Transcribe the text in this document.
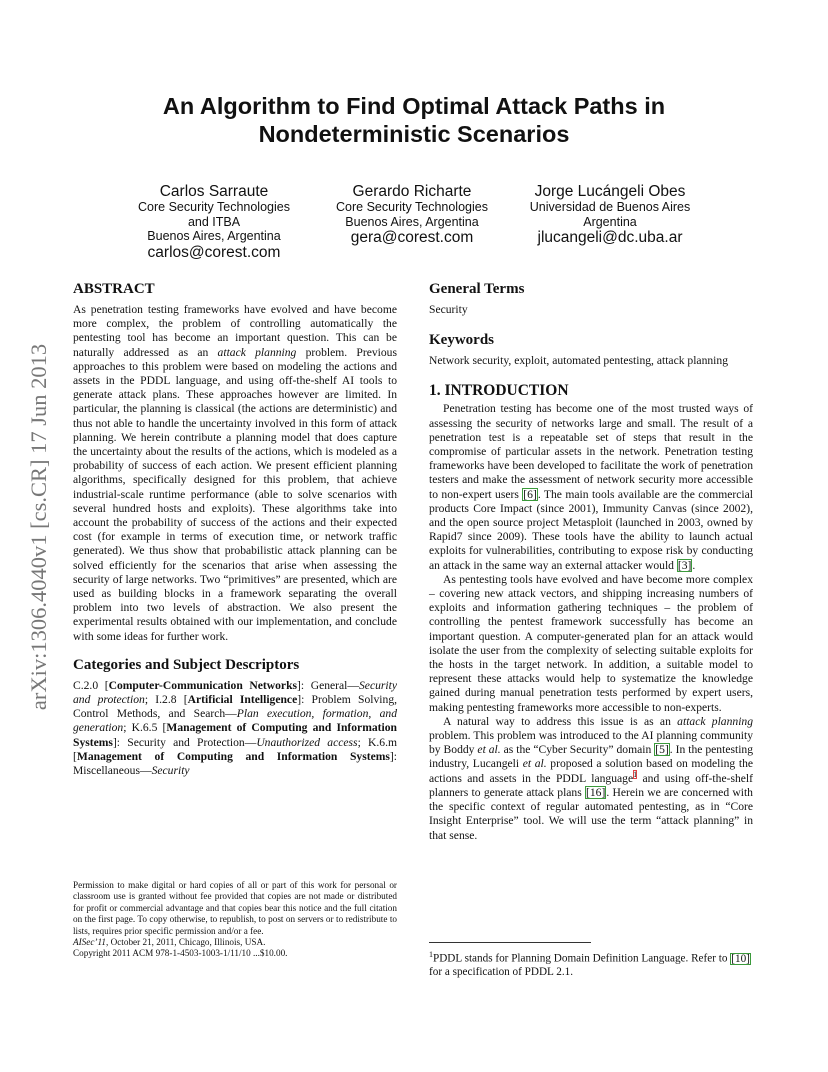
An Algorithm to Find Optimal Attack Paths in
Nondeterministic Scenarios
Carlos Sarraute
Core Security Technologies
and ITBA
Buenos Aires, Argentina
carlos@corest.com
Gerardo Richarte
Core Security Technologies
Buenos Aires, Argentina
gera@corest.com
Jorge Lucángeli Obes
Universidad de Buenos Aires
Argentina
jlucangeli@dc.uba.ar
arXiv:1306.4040v1 [cs.CR] 17 Jun 2013
ABSTRACT

As penetration testing frameworks have evolved and have become more complex, the problem of controlling automatically the pentesting tool has become an important question. This can be naturally addressed as an attack planning problem. Previous approaches to this problem were based on modeling the actions and assets in the PDDL language, and using off-the-shelf AI tools to generate attack plans. These approaches however are limited. In particular, the planning is classical (the actions are deterministic) and thus not able to handle the uncertainty involved in this form of attack planning. We herein contribute a planning model that does capture the uncertainty about the results of the actions, which is modeled as a probability of success of each action. We present efficient planning algorithms, specifically designed for this problem, that achieve industrial-scale runtime performance (able to solve scenarios with several hundred hosts and exploits). These algorithms take into account the probability of success of the actions and their expected cost (for example in terms of execution time, or network traffic generated). We thus show that probabilistic attack planning can be solved efficiently for the scenarios that arise when assessing the security of large networks. Two “primitives” are presented, which are used as building blocks in a framework separating the overall problem into two levels of abstraction. We also present the experimental results obtained with our implementation, and conclude with some ideas for further work.

Categories and Subject Descriptors

C.2.0 [Computer-Communication Networks]: General—Security and protection; I.2.8 [Artificial Intelligence]: Problem Solving, Control Methods, and Search—Plan execution, formation, and generation; K.6.5 [Management of Computing and Information Systems]: Security and Protection—Unauthorized access; K.6.m [Management of Computing and Information Systems]: Miscellaneous—Security

Permission to make digital or hard copies of all or part of this work for personal or classroom use is granted without fee provided that copies are not made or distributed for profit or commercial advantage and that copies bear this notice and the full citation on the first page. To copy otherwise, to republish, to post on servers or to redistribute to lists, requires prior specific permission and/or a fee.

AISec’11, October 21, 2011, Chicago, Illinois, USA.

Copyright 2011 ACM 978-1-4503-1003-1/11/10 ...$10.00.

General Terms

Security

Keywords

Network security, exploit, automated pentesting, attack planning

1. INTRODUCTION

Penetration testing has become one of the most trusted ways of assessing the security of networks large and small. The result of a penetration test is a repeatable set of steps that result in the compromise of particular assets in the network. Penetration testing frameworks have been developed to facilitate the work of penetration testers and make the assessment of network security more accessible to non-expert users [6]. The main tools available are the commercial products Core Impact (since 2001), Immunity Canvas (since 2002), and the open source project Metasploit (launched in 2003, owned by Rapid7 since 2009). These tools have the ability to launch actual exploits for vulnerabilities, contributing to expose risk by conducting an attack in the same way an external attacker would [3].

As pentesting tools have evolved and have become more complex – covering new attack vectors, and shipping increasing numbers of exploits and information gathering techniques – the problem of controlling the pentest framework successfully has become an important question. A computer-generated plan for an attack would isolate the user from the complexity of selecting suitable exploits for the hosts in the target network. In addition, a suitable model to represent these attacks would help to systematize the knowledge gained during manual penetration tests performed by expert users, making pentesting frameworks more accessible to non-experts.

A natural way to address this issue is as an attack planning problem. This problem was introduced to the AI planning community by Boddy et al. as the “Cyber Security” domain [5]. In the pentesting industry, Lucangeli et al. proposed a solution based on modeling the actions and assets in the PDDL language$^1$ and using off-the-shelf planners to generate attack plans [16]. Herein we are concerned with the specific context of regular automated pentesting, as in “Core Insight Enterprise” tool. We will use the term “attack planning” in that sense.

$^1$PDDL stands for Planning Domain Definition Language. Refer to [10] for a specification of PDDL 2.1.
